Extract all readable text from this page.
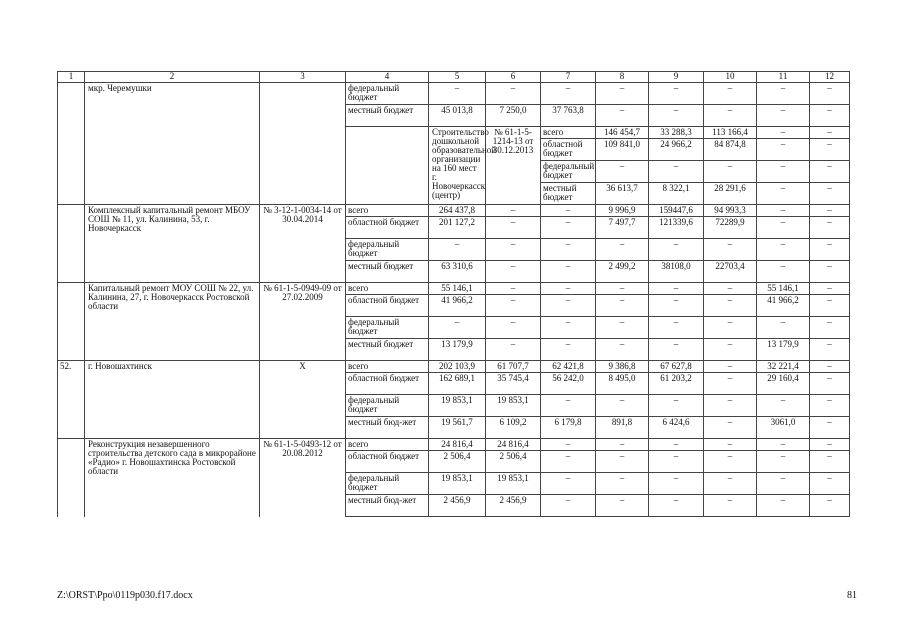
1	2	3	4	5	6	7	8	9	10	11	12	
	мкр. Черемушки		федеральный бюджет	–	–	–	–	–	–	–	–	
			местный бюджет	45 013,8	7 250,0	37 763,8	–	–	–	–	–	
				Строительство дошкольной образовательной организации на 160 мест г. Новочеркасск (центр)	№ 61-1-5-1214-13 от 30.12.2013	всего	146 454,7	33 288,3	113 166,4	–	–			
						областной бюджет	109 841,0	24 966,2	84 874,8	–	–			
						федеральный бюджет	–	–	–	–	–			
						местный бюджет	36 613,7	8 322,1	28 291,6	–	–			
	Комплексный капитальный ремонт МБОУ СОШ № 11, ул. Калинина, 53, г. Новочеркасск	№ 3-12-1-0034-14 от 30.04.2014	всего	264 437,8	–	–	9 996,9	159447,6	94 993,3	–	–	
			областной бюджет	201 127,2	–	–	7 497,7	121339,6	72289,9	–	–	
			федеральный бюджет	–	–	–	–	–	–	–	–	
			местный бюджет	63 310,6	–	–	2 499,2	38108,0	22703,4	–	–	
	Капитальный ремонт МОУ СОШ № 22, ул. Калинина, 27, г. Новочеркасск Ростовской области	№ 61-1-5-0949-09 от 27.02.2009	всего	55 146,1	–	–	–	–	–	55 146,1	–	
			областной бюджет	41 966,2	–	–	–	–	–	41 966,2	–	
			федеральный бюджет	–	–	–	–	–	–	–	–	
			местный бюджет	13 179,9	–	–	–	–	–	13 179,9	–	
52.	г. Новошахтинск	Х	всего	202 103,9	61 707,7	62 421,8	9 386,8	67 627,8	–	32 221,4	–	
			областной бюджет	162 689,1	35 745,4	56 242,0	8 495,0	61 203,2	–	29 160,4	–	
			федеральный бюджет	19 853,1	19 853,1	–	–	–	–	–	–	
			местный бюд-жет	19 561,7	6 109,2	6 179,8	891,8	6 424,6	–	3061,0	–	
	Реконструкция незавершенного строительства детского сада в микрорайоне «Радио» г. Новошахтинска Ростовской области	№ 61-1-5-0493-12 от 20.08.2012	всего	24 816,4	24 816,4	–	–	–	–	–	–	
			областной бюджет	2 506,4	2 506,4	–	–	–	–	–	–	
			федеральный бюджет	19 853,1	19 853,1	–	–	–	–	–	–	
			местный бюд-жет	2 456,9	2 456,9	–	–	–	–	–	–	
Z:\ORST\Ppo\0119p030.f17.docx	81
